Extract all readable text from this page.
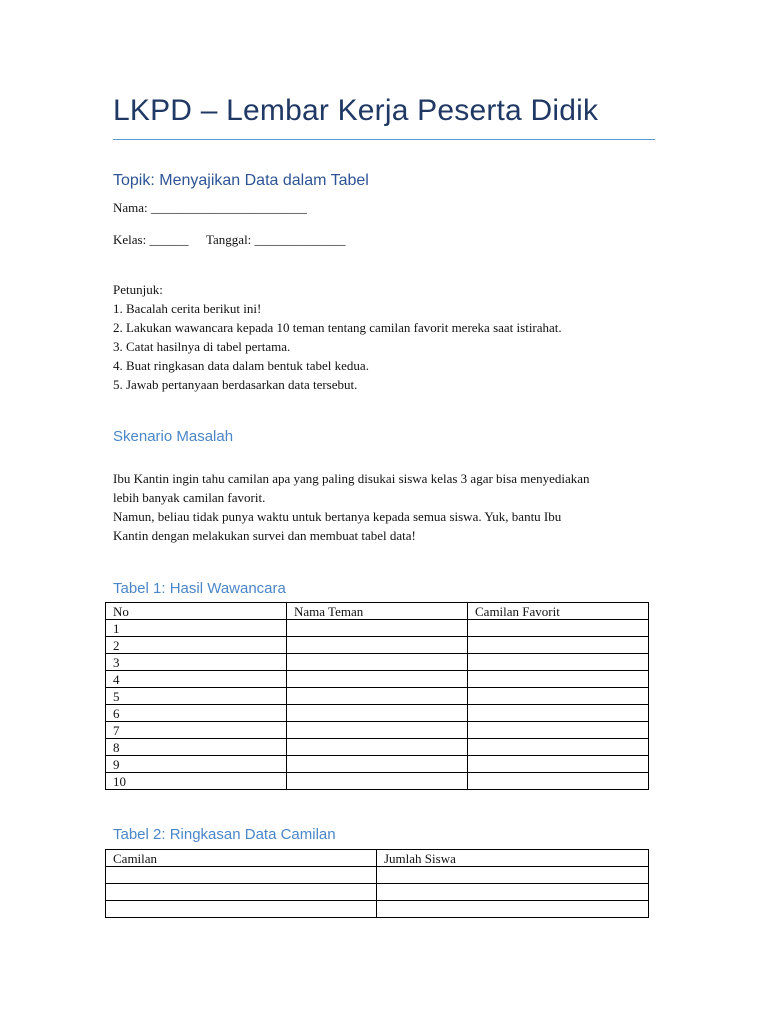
LKPD – Lembar Kerja Peserta Didik
Topik: Menyajikan Data dalam Tabel
Nama: ________________________
Kelas: ______ Tanggal: ______________
Petunjuk:
1. Bacalah cerita berikut ini!
2. Lakukan wawancara kepada 10 teman tentang camilan favorit mereka saat istirahat.
3. Catat hasilnya di tabel pertama.
4. Buat ringkasan data dalam bentuk tabel kedua.
5. Jawab pertanyaan berdasarkan data tersebut.
Skenario Masalah
Ibu Kantin ingin tahu camilan apa yang paling disukai siswa kelas 3 agar bisa menyediakan
lebih banyak camilan favorit.
Namun, beliau tidak punya waktu untuk bertanya kepada semua siswa. Yuk, bantu Ibu
Kantin dengan melakukan survei dan membuat tabel data!
Tabel 1: Hasil Wawancara
No	Nama Teman	Camilan Favorit
1		
2		
3		
4		
5		
6		
7		
8		
9		
10		
Tabel 2: Ringkasan Data Camilan
Camilan	Jumlah Siswa
